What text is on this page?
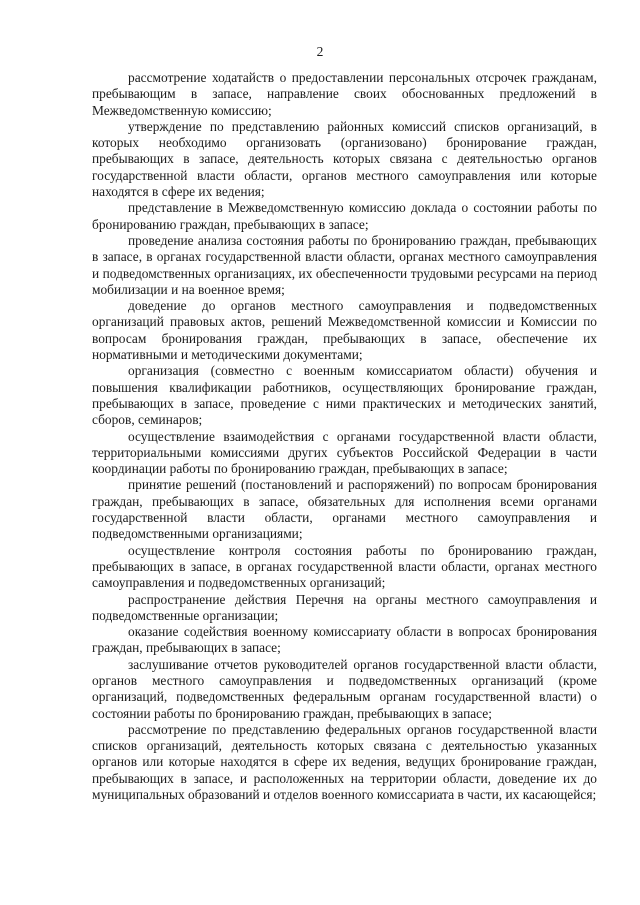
2

рассмотрение ходатайств о предоставлении персональных отсрочек гражданам, пребывающим в запасе, направление своих обоснованных предложений в Межведомственную комиссию;

утверждение по представлению районных комиссий списков организаций, в которых необходимо организовать (организовано) бронирование граждан, пребывающих в запасе, деятельность которых связана с деятельностью органов государственной власти области, органов местного самоуправления или которые находятся в сфере их ведения;

представление в Межведомственную комиссию доклада о состоянии работы по бронированию граждан, пребывающих в запасе;

проведение анализа состояния работы по бронированию граждан, пребывающих в запасе, в органах государственной власти области, органах местного самоуправления и подведомственных организациях, их обеспеченности трудовыми ресурсами на период мобилизации и на военное время;

доведение до органов местного самоуправления и подведомственных организаций правовых актов, решений Межведомственной комиссии и Комиссии по вопросам бронирования граждан, пребывающих в запасе, обеспечение их нормативными и методическими документами;

организация (совместно с военным комиссариатом области) обучения и повышения квалификации работников, осуществляющих бронирование граждан, пребывающих в запасе, проведение с ними практических и методических занятий, сборов, семинаров;

осуществление взаимодействия с органами государственной власти области, территориальными комиссиями других субъектов Российской Федерации в части координации работы по бронированию граждан, пребывающих в запасе;

принятие решений (постановлений и распоряжений) по вопросам бронирования граждан, пребывающих в запасе, обязательных для исполнения всеми органами государственной власти области, органами местного самоуправления и подведомственными организациями;

осуществление контроля состояния работы по бронированию граждан, пребывающих в запасе, в органах государственной власти области, органах местного самоуправления и подведомственных организаций;

распространение действия Перечня на органы местного самоуправления и подведомственные организации;

оказание содействия военному комиссариату области в вопросах бронирования граждан, пребывающих в запасе;

заслушивание отчетов руководителей органов государственной власти области, органов местного самоуправления и подведомственных организаций (кроме организаций, подведомственных федеральным органам государственной власти) о состоянии работы по бронированию граждан, пребывающих в запасе;

рассмотрение по представлению федеральных органов государственной власти списков организаций, деятельность которых связана с деятельностью указанных органов или которые находятся в сфере их ведения, ведущих бронирование граждан, пребывающих в запасе, и расположенных на территории области, доведение их до муниципальных образований и отделов военного комиссариата в части, их касающейся;
